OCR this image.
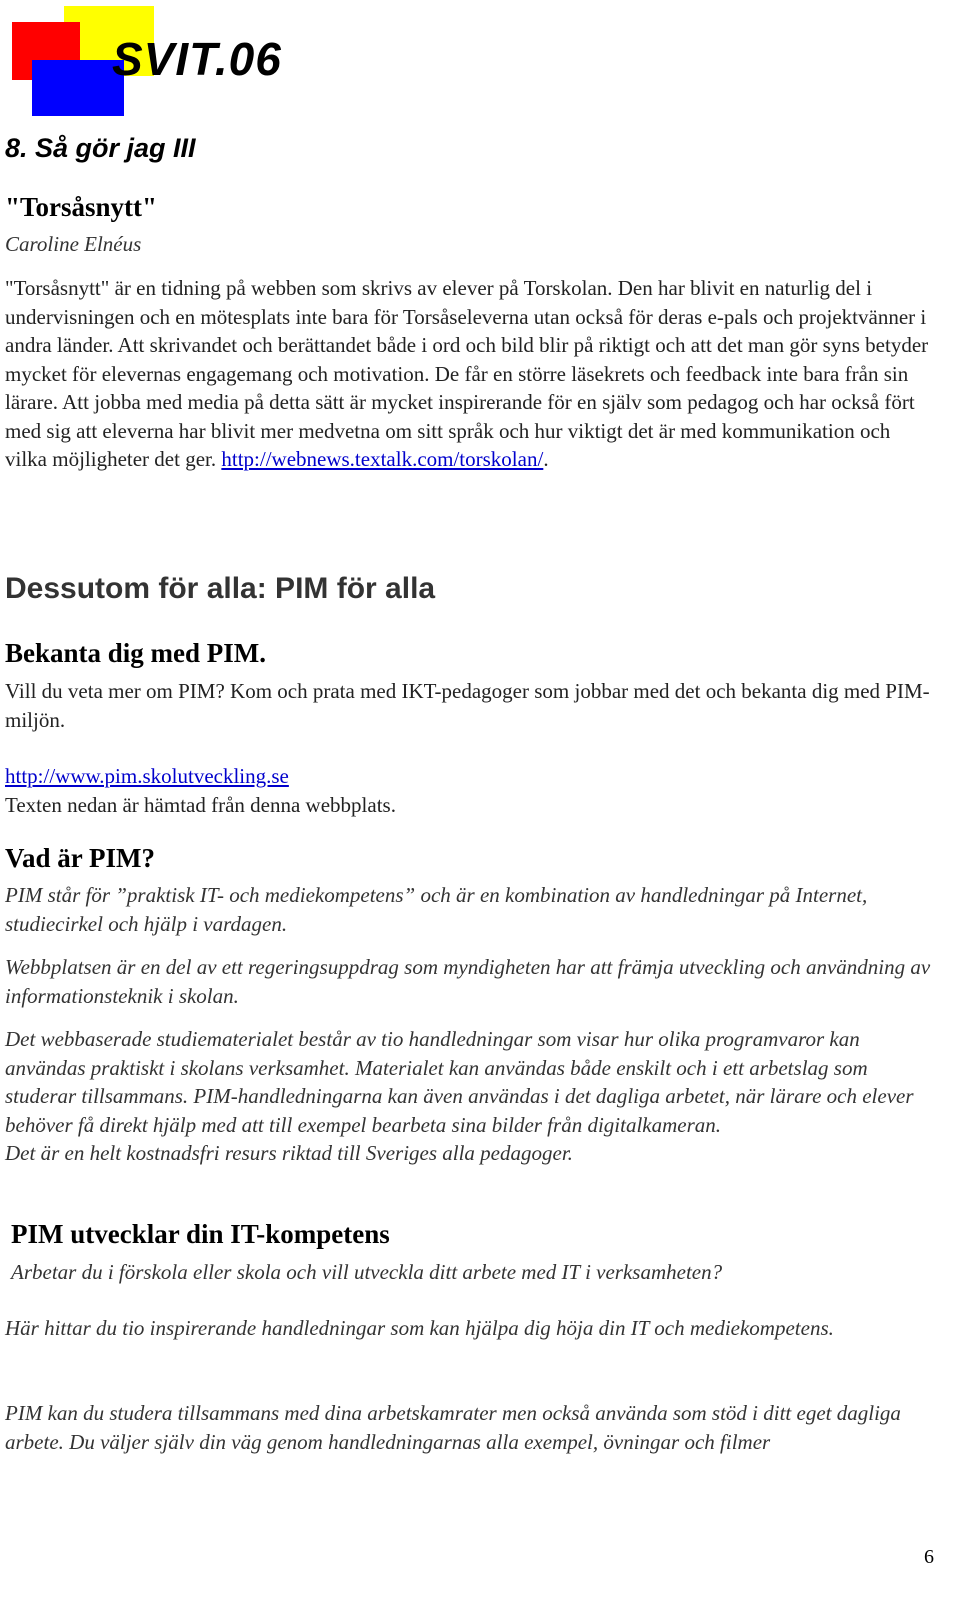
SVIT.06
8. Så gör jag III
"Torsåsnytt"
Caroline Elnéus

"Torsåsnytt" är en tidning på webben som skrivs av elever på Torskolan. Den har blivit en naturlig del i undervisningen och en mötesplats inte bara för Torsåseleverna utan också för deras e-pals och projektvänner i andra länder. Att skrivandet och berättandet både i ord och bild blir på riktigt och att det man gör syns betyder mycket för elevernas engagemang och motivation. De får en större läsekrets och feedback inte bara från sin lärare. Att jobba med media på detta sätt är mycket inspirerande för en själv som pedagog och har också fört med sig att eleverna har blivit mer medvetna om sitt språk och hur viktigt det är med kommunikation och vilka möjligheter det ger. http://webnews.textalk.com/torskolan/.

Dessutom för alla: PIM för alla
Bekanta dig med PIM.

Vill du veta mer om PIM? Kom och prata med IKT-pedagoger som jobbar med det och bekanta dig med PIM-miljön.

http://www.pim.skolutveckling.se
Texten nedan är hämtad från denna webbplats.
Vad är PIM?

PIM står för ”praktisk IT- och mediekompetens” och är en kombination av handledningar på Internet, studiecirkel och hjälp i vardagen.

Webbplatsen är en del av ett regeringsuppdrag som myndigheten har att främja utveckling och användning av informationsteknik i skolan.

Det webbaserade studiematerialet består av tio handledningar som visar hur olika programvaror kan användas praktiskt i skolans verksamhet. Materialet kan användas både enskilt och i ett arbetslag som studerar tillsammans. PIM-handledningarna kan även användas i det dagliga arbetet, när lärare och elever behöver få direkt hjälp med att till exempel bearbeta sina bilder från digitalkameran.
Det är en helt kostnadsfri resurs riktad till Sveriges alla pedagoger.
PIM utvecklar din IT-kompetens

Arbetar du i förskola eller skola och vill utveckla ditt arbete med IT i verksamheten?

Här hittar du tio inspirerande handledningar som kan hjälpa dig höja din IT och mediekompetens.

PIM kan du studera tillsammans med dina arbetskamrater men också använda som stöd i ditt eget dagliga arbete. Du väljer själv din väg genom handledningarnas alla exempel, övningar och filmer

6
